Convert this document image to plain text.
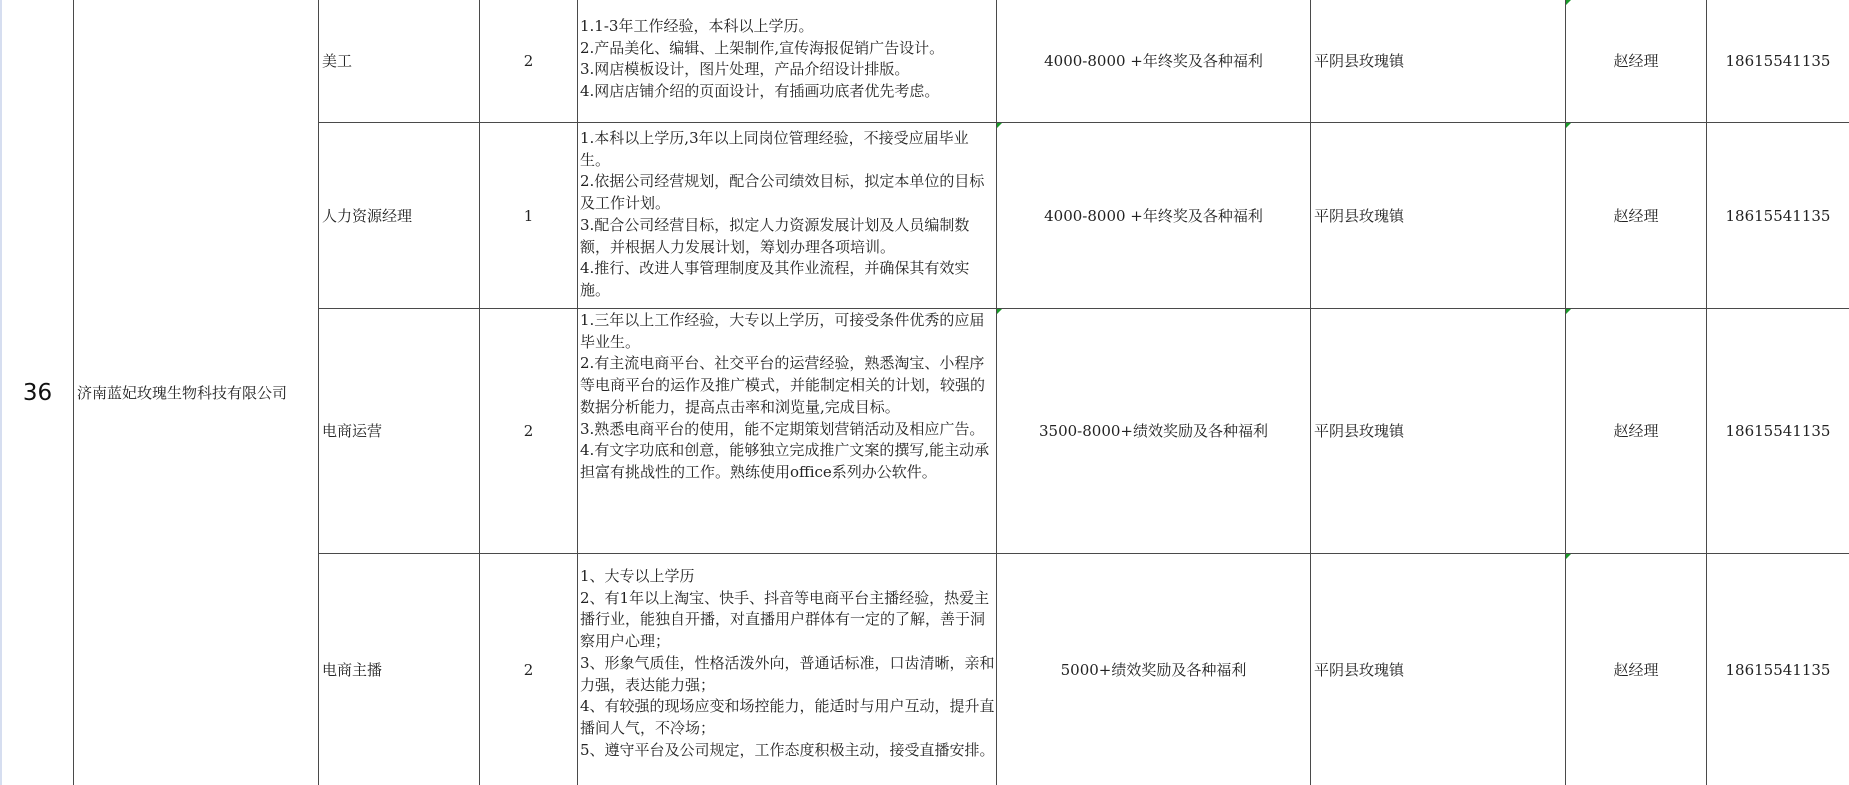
36 济南蓝妃玫瑰生物科技有限公司
美工	2
1.1-3年工作经验，本科以上学历。
2.产品美化、编辑、上架制作,宣传海报促销广告设计。
3.网店模板设计，图片处理，产品介绍设计排版。
4.网店店铺介绍的页面设计，有插画功底者优先考虑。
4000-8000 +年终奖及各种福利	平阴县玫瑰镇	赵经理	18615541135
人力资源经理	1
1.本科以上学历,3年以上同岗位管理经验，不接受应届毕业生。
2.依据公司经营规划，配合公司绩效目标，拟定本单位的目标及工作计划。
3.配合公司经营目标，拟定人力资源发展计划及人员编制数额，并根据人力发展计划，筹划办理各项培训。
4.推行、改进人事管理制度及其作业流程，并确保其有效实施。
4000-8000 +年终奖及各种福利	平阴县玫瑰镇	赵经理	18615541135
电商运营	2
1.三年以上工作经验，大专以上学历，可接受条件优秀的应届毕业生。
2.有主流电商平台、社交平台的运营经验，熟悉淘宝、小程序等电商平台的运作及推广模式，并能制定相关的计划，较强的数据分析能力，提高点击率和浏览量,完成目标。
3.熟悉电商平台的使用，能不定期策划营销活动及相应广告。
4.有文字功底和创意，能够独立完成推广文案的撰写,能主动承担富有挑战性的工作。熟练使用office系列办公软件。
3500-8000+绩效奖励及各种福利	平阴县玫瑰镇	赵经理	18615541135
电商主播	2
1、大专以上学历
2、有1年以上淘宝、快手、抖音等电商平台主播经验，热爱主播行业，能独自开播，对直播用户群体有一定的了解，善于洞察用户心理；
3、形象气质佳，性格活泼外向，普通话标准，口齿清晰，亲和力强，表达能力强；
4、有较强的现场应变和场控能力，能适时与用户互动，提升直播间人气，不冷场；
5、遵守平台及公司规定，工作态度积极主动，接受直播安排。
5000+绩效奖励及各种福利	平阴县玫瑰镇	赵经理	18615541135
